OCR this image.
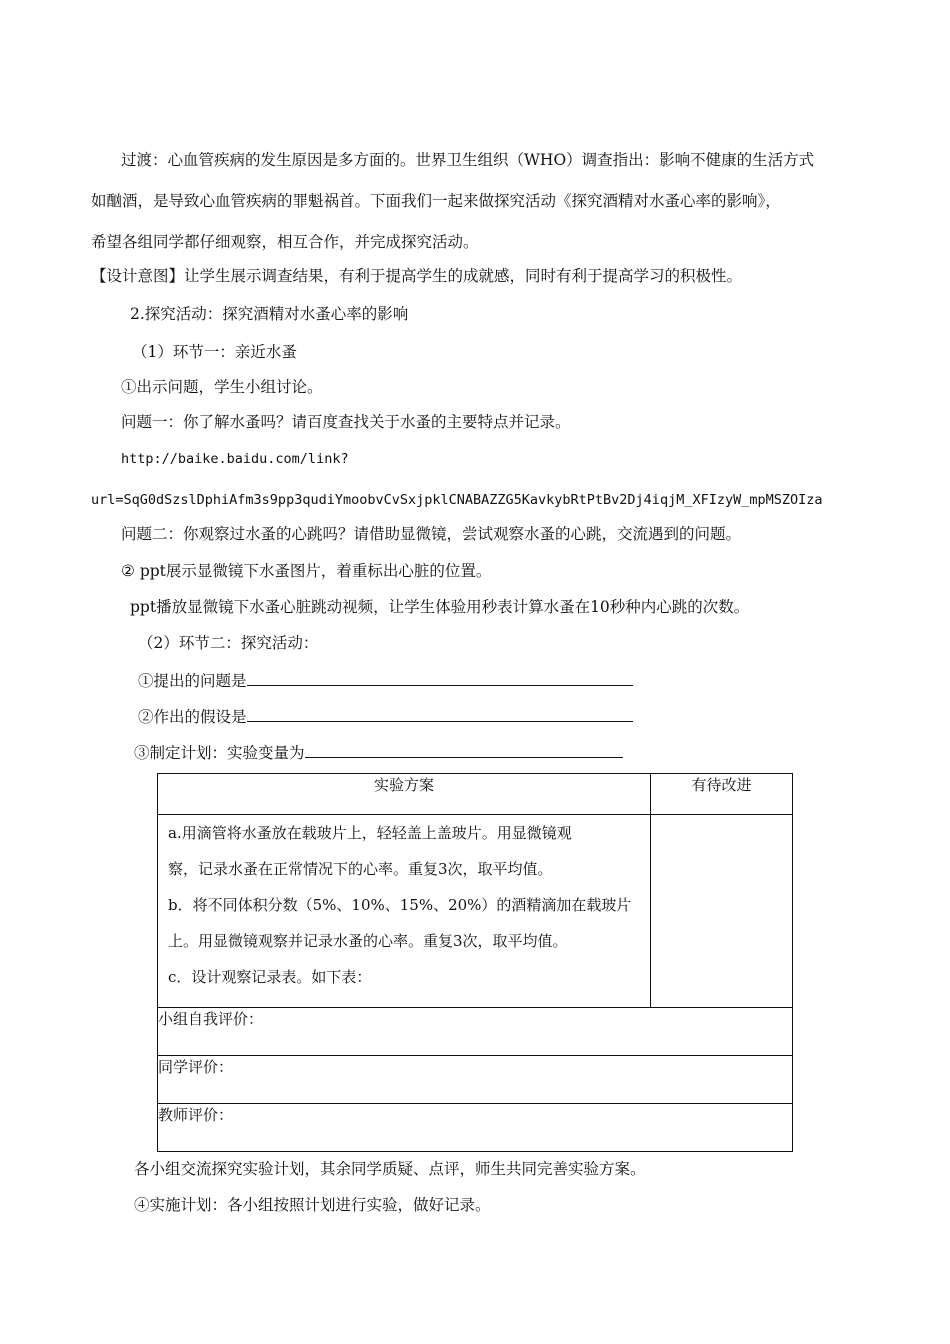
过渡：心血管疾病的发生原因是多方面的。世界卫生组织（WHO）调查指出：影响不健康的生活方式
如酗酒，是导致心血管疾病的罪魁祸首。下面我们一起来做探究活动《探究酒精对水蚤心率的影响》，
希望各组同学都仔细观察，相互合作，并完成探究活动。
【设计意图】让学生展示调查结果，有利于提高学生的成就感，同时有利于提高学习的积极性。
2.探究活动：探究酒精对水蚤心率的影响
（1）环节一：亲近水蚤
①出示问题，学生小组讨论。
问题一：你了解水蚤吗？请百度查找关于水蚤的主要特点并记录。
http://baike.baidu.com/link?
url=SqG0dSzslDphiAfm3s9pp3qudiYmoobvCvSxjpklCNABAZZG5KavkybRtPtBv2Dj4iqjM_XFIzyW_mpMSZOIza
问题二：你观察过水蚤的心跳吗？请借助显微镜，尝试观察水蚤的心跳，交流遇到的问题。
② ppt展示显微镜下水蚤图片，着重标出心脏的位置。
ppt播放显微镜下水蚤心脏跳动视频，让学生体验用秒表计算水蚤在10秒种内心跳的次数。
（2）环节二：探究活动：
①提出的问题是
②作出的假设是
③制定计划：实验变量为
实验方案	有待改进

a.用滴管将水蚤放在载玻片上，轻轻盖上盖玻片。用显微镜观

察，记录水蚤在正常情况下的心率。重复3次，取平均值。

b．将不同体积分数（5%、10%、15%、20%）的酒精滴加在载玻片

上。用显微镜观察并记录水蚤的心率。重复3次，取平均值。

c．设计观察记录表。如下表：	

小组自我评价：	
同学评价：	
教师评价：	
各小组交流探究实验计划，其余同学质疑、点评，师生共同完善实验方案。
④实施计划：各小组按照计划进行实验，做好记录。
